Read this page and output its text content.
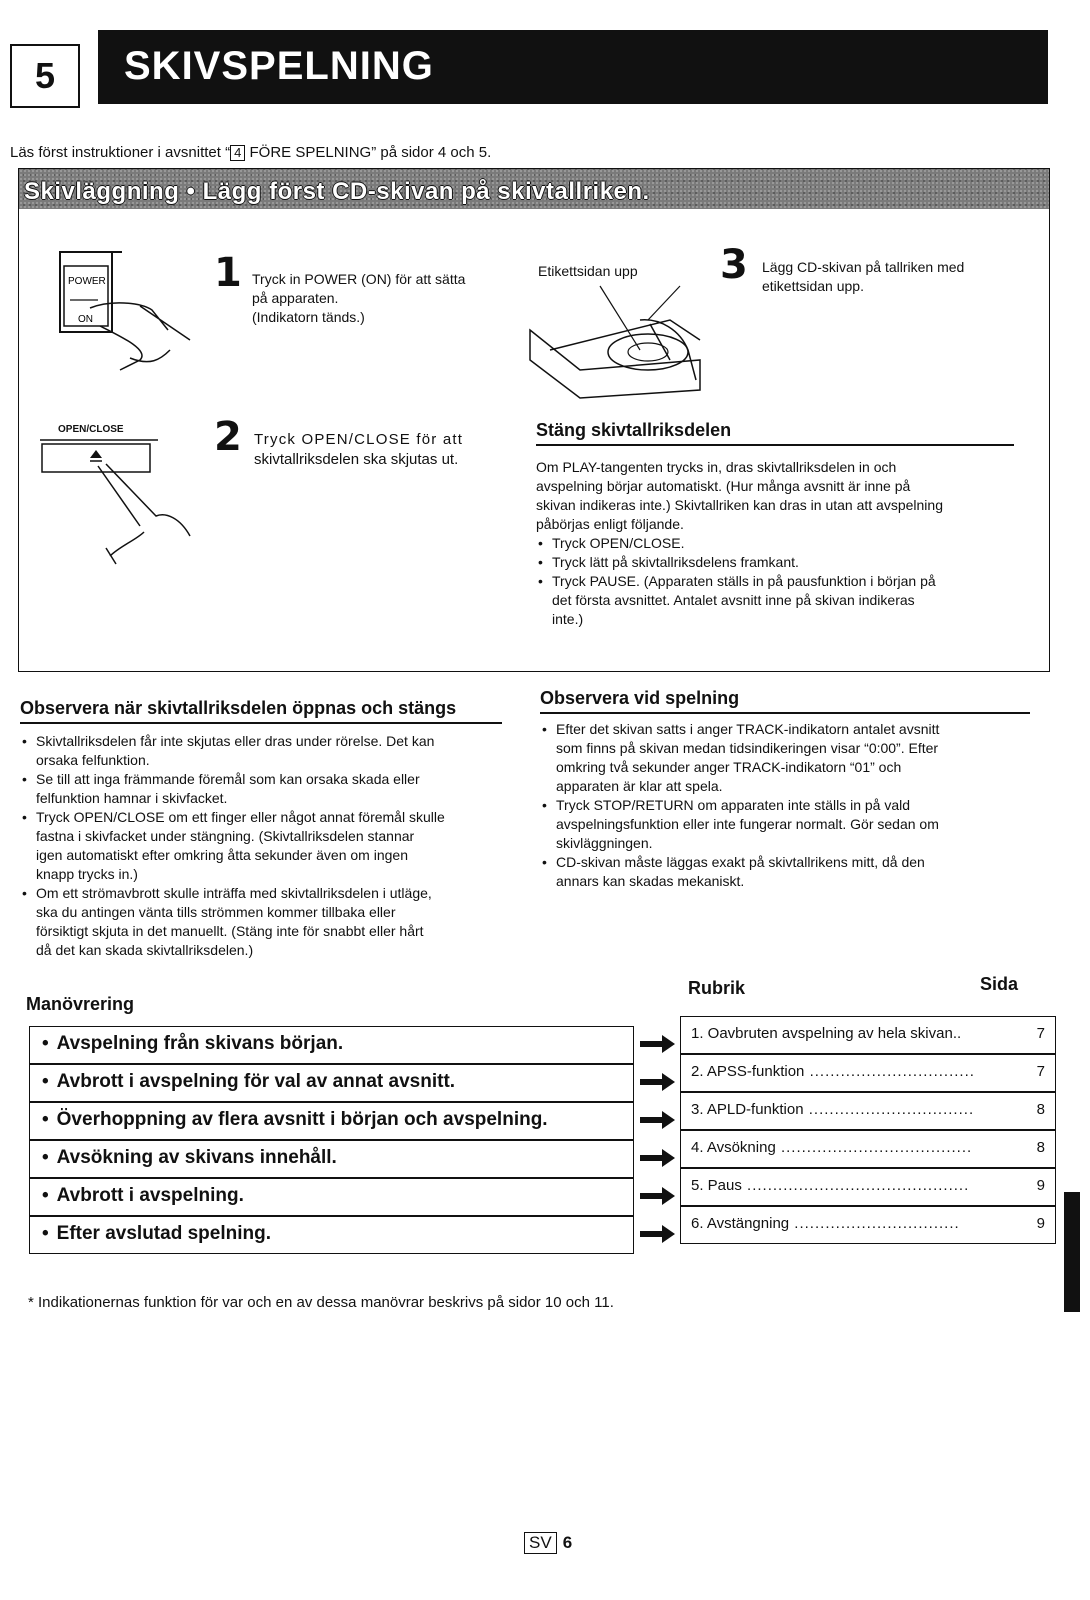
5	SKIVSPELNING
Läs först instruktioner i avsnittet “ 4 FÖRE SPELNING” på sidor 4 och 5.
Skivläggning • Lägg först CD-skivan på skivtallriken.
POWER
ON
1 Tryck in POWER (ON) för att sätta
på apparaten.
(Indikatorn tänds.)
OPEN/CLOSE 2 Tryck OPEN/CLOSE för att
skivtallriksdelen ska skjutas ut.
Etikettsidan upp 3 Lägg CD-skivan på tallriken med
etikettsidan upp.
Stäng skivtallriksdelen
Om PLAY-tangenten trycks in, dras skivtallriksdelen in och
avspelning börjar automatiskt. (Hur många avsnitt är inne på
skivan indikeras inte.) Skivtallriken kan dras in utan att avspelning
påbörjas enligt följande.
• Tryck OPEN/CLOSE.
• Tryck lätt på skivtallriksdelens framkant.
• Tryck PAUSE. (Apparaten ställs in på pausfunktion i början på
det första avsnittet. Antalet avsnitt inne på skivan indikeras
inte.)
Observera när skivtallriksdelen öppnas och stängs
• Skivtallriksdelen får inte skjutas eller dras under rörelse. Det kan
orsaka felfunktion.
• Se till att inga främmande föremål som kan orsaka skada eller
felfunktion hamnar i skivfacket.
• Tryck OPEN/CLOSE om ett finger eller något annat föremål skulle
fastna i skivfacket under stängning. (Skivtallriksdelen stannar
igen automatiskt efter omkring åtta sekunder även om ingen
knapp trycks in.)
• Om ett strömavbrott skulle inträffa med skivtallriksdelen i utläge,
ska du antingen vänta tills strömmen kommer tillbaka eller
försiktigt skjuta in det manuellt. (Stäng inte för snabbt eller hårt
då det kan skada skivtallriksdelen.)
Observera vid spelning
• Efter det skivan satts i anger TRACK-indikatorn antalet avsnitt
som finns på skivan medan tidsindikeringen visar “0:00”. Efter
omkring två sekunder anger TRACK-indikatorn “01” och
apparaten är klar att spela.
• Tryck STOP/RETURN om apparaten inte ställs in på vald
avspelningsfunktion eller inte fungerar normalt. Gör sedan om
skivläggningen.
• CD-skivan måste läggas exakt på skivtallrikens mitt, då den
annars kan skadas mekaniskt.
Manövrering
Rubrik	Sida
• Avspelning från skivans början.
• Avbrott i avspelning för val av annat avsnitt.
• Överhoppning av flera avsnitt i början och avspelning.
• Avsökning av skivans innehåll.
• Avbrott i avspelning.
• Efter avslutad spelning.
1. Oavbruten avspelning av hela skivan..	7
2. APSS-funktion ................................	7
3. APLD-funktion ................................	8
4. Avsökning .....................................	8
5. Paus ...........................................	9
6. Avstängning ................................	9
* Indikationernas funktion för var och en av dessa manövrar beskrivs på sidor 10 och 11.
SV 6
